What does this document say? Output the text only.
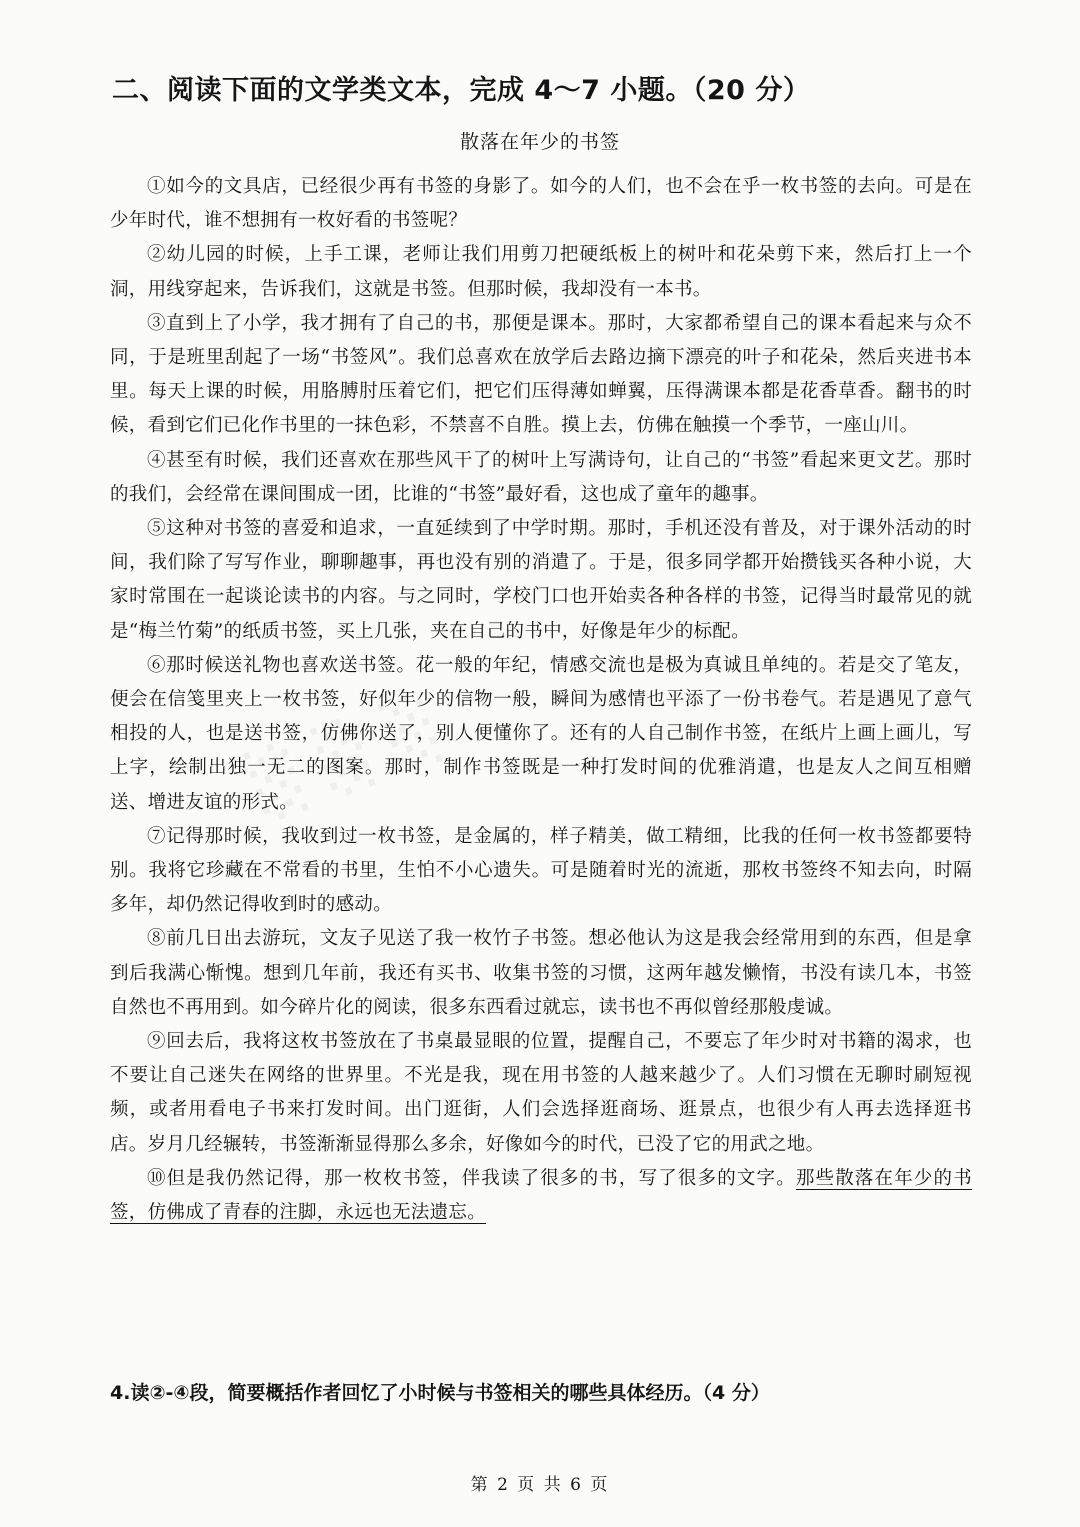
░ ░ ░
二、阅读下面的文学类文本，完成 4～7 小题。（20 分）
散落在年少的书签

①如今的文具店，已经很少再有书签的身影了。如今的人们，也不会在乎一枚书签的去向。可是在少年时代，谁不想拥有一枚好看的书签呢？

②幼儿园的时候，上手工课，老师让我们用剪刀把硬纸板上的树叶和花朵剪下来，然后打上一个洞，用线穿起来，告诉我们，这就是书签。但那时候，我却没有一本书。

③直到上了小学，我才拥有了自己的书，那便是课本。那时，大家都希望自己的课本看起来与众不同，于是班里刮起了一场“书签风”。我们总喜欢在放学后去路边摘下漂亮的叶子和花朵，然后夹进书本里。每天上课的时候，用胳膊肘压着它们，把它们压得薄如蝉翼，压得满课本都是花香草香。翻书的时候，看到它们已化作书里的一抹色彩，不禁喜不自胜。摸上去，仿佛在触摸一个季节，一座山川。

④甚至有时候，我们还喜欢在那些风干了的树叶上写满诗句，让自己的“书签”看起来更文艺。那时的我们，会经常在课间围成一团，比谁的“书签”最好看，这也成了童年的趣事。

⑤这种对书签的喜爱和追求，一直延续到了中学时期。那时，手机还没有普及，对于课外活动的时间，我们除了写写作业，聊聊趣事，再也没有别的消遣了。于是，很多同学都开始攒钱买各种小说，大家时常围在一起谈论读书的内容。与之同时，学校门口也开始卖各种各样的书签，记得当时最常见的就是“梅兰竹菊”的纸质书签，买上几张，夹在自己的书中，好像是年少的标配。

⑥那时候送礼物也喜欢送书签。花一般的年纪，情感交流也是极为真诚且单纯的。若是交了笔友，便会在信笺里夹上一枚书签，好似年少的信物一般，瞬间为感情也平添了一份书卷气。若是遇见了意气相投的人，也是送书签，仿佛你送了，别人便懂你了。还有的人自己制作书签，在纸片上画上画儿，写上字，绘制出独一无二的图案。那时，制作书签既是一种打发时间的优雅消遣，也是友人之间互相赠送、增进友谊的形式。

⑦记得那时候，我收到过一枚书签，是金属的，样子精美，做工精细，比我的任何一枚书签都要特别。我将它珍藏在不常看的书里，生怕不小心遗失。可是随着时光的流逝，那枚书签终不知去向，时隔多年，却仍然记得收到时的感动。

⑧前几日出去游玩，文友子见送了我一枚竹子书签。想必他认为这是我会经常用到的东西，但是拿到后我满心惭愧。想到几年前，我还有买书、收集书签的习惯，这两年越发懒惰，书没有读几本，书签自然也不再用到。如今碎片化的阅读，很多东西看过就忘，读书也不再似曾经那般虔诚。

⑨回去后，我将这枚书签放在了书桌最显眼的位置，提醒自己，不要忘了年少时对书籍的渴求，也不要让自己迷失在网络的世界里。不光是我，现在用书签的人越来越少了。人们习惯在无聊时刷短视频，或者用看电子书来打发时间。出门逛街，人们会选择逛商场、逛景点，也很少有人再去选择逛书店。岁月几经辗转，书签渐渐显得那么多余，好像如今的时代，已没了它的用武之地。

⑩但是我仍然记得，那一枚枚书签，伴我读了很多的书，写了很多的文字。那些散落在年少的书签，仿佛成了青春的注脚，永远也无法遗忘。

4.读②-④段，简要概括作者回忆了小时候与书签相关的哪些具体经历。（4 分）
第 2 页 共 6 页
